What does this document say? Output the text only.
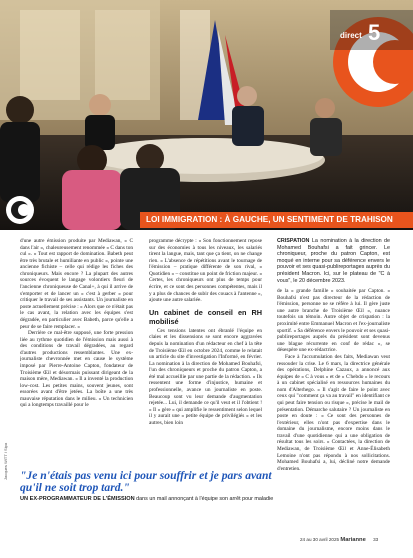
direct 5
LOI IMMIGRATION : À GAUCHE, UN SENTIMENT DE TRAHISON

d'une autre émission produite par Mediawan, « C dans l'air », chaleureusement renommée « C dans ton cul ». « Tout est rapport de domination. Babeth peut être très brutale et humiliante en public », pointe une ancienne fichiste – celle qui rédige les fiches des chroniqueurs. Mais encore ? La plupart des autres sources évoquent le langage volontiers fleuri de l'ancienne chroniqueuse de Canal+, à qui il arrive de s'emporter et de lancer un « c'est à gerber » pour critiquer le travail de ses assistants. Un journaliste en poste actuellement précise : « Alors que ce n'était pas le cas avant, la relation avec les équipes s'est dégradée, en particulier avec Babeth, parce qu'elle a peur de se faire remplacer. »

Derrière ce mal-être supposé, une forte pression liée au rythme quotidien de l'émission mais aussi à des conditions de travail dégradées, au regard d'autres productions ressemblantes. Une ex-journaliste chevronnée met en cause le système imposé par Pierre-Antoine Capton, fondateur de Troisième Œil et désormais puissant dirigeant de la maison mère, Mediawan. « Il a inventé la production low-cost. Les petites mains, souvent jeunes, sont essorées avant d'être jetées. La boîte a une très mauvaise réputation dans le milieu. » Un technicien qui a longtemps travaillé pour le

programme décrypte : « Son fonctionnement repose sur des économies à tous les niveaux, les salariés tirent la langue, mais, tant que ça tient, on ne change rien. » L'absence de répétitions avant le tournage de l'émission – pratique différente de son rival, « Quotidien » – constitue un point de friction majeur. « Certes, les chroniqueurs ont plus de temps pour écrire, et ce sont des personnes compétentes, mais il y a plus de chances de subir des couacs à l'antenne », ajoute une autre salariée.

Un cabinet de conseil en RH mobilisé

Ces tensions latentes ont ébranlé l'équipe en claies et les dissensions se sont encore aggravées depuis la nomination d'un rédacteur en chef à la tête de Troisième Œil en octobre 2024, comme le relatait un article du site d'investigation l'Informé, en février. La nomination à la direction de Mohamed Bouhafsi, l'un des chroniqueurs et proche du patron Capton, a été mal accueillie par une partie de la rédaction. « Ils ressentent une forme d'injustice, humaine et professionnelle, avance un journaliste en poste. Beaucoup sont vu leur demande d'augmentation rejetée... Lui, il demande ce qu'il veut et il l'obtient ! » Il « gère » qui amplifie le ressentiment selon lequel il y aurait une « petite équipe de privilégiés » et les autres, bien loin

CRISPATION La nomination à la direction de Mohamed Bouhafsi a fait grincer. Le chroniqueur, proche du patron Capton, est moqué en interne pour sa déférence envers le pouvoir et ses quasi-publireportages auprès du président Macron. Ici, sur le plateau de "C à vous", le 20 décembre 2023.

de la « grande famille » souhaitée par Capton. « Bouhafsi n'est pas directeur de la rédaction de l'émission, personne ne se réfère à lui. Il gère juste une autre branche de Troisième Œil », nuance toutefois un témoin. Autre objet de crispation : la proximité entre Emmanuel Macron et l'ex-journaliste sportif. « Sa déférence envers le pouvoir et ses quasi-publireportages auprès du président sont devenus une blague récurrente en conf de rédac », se désespère une ex-rédactrice.

Face à l'accumulation des faits, Mediawan veut ressouder la crise. Le 6 mars, la directrice générale des opérations, Delphine Cazaux, a annoncé aux équipes de « C à vous » et de « C'hebdo » le recours à un cabinet spécialisé en ressources humaines du nom d'Alterhego. « Il s'agit de faire le point avec ceux qui "comment ça va au travail" en identifiant ce qui peut faire tension ou risque », précise le mail de présentation. Démarche salutaire ? Un journaliste en poste en doute : « Ce sont des personnes de l'extérieur, elles n'ont pas d'expertise dans le domaine du journalisme, encore moins dans le travail d'une quotidienne qui a une obligation de résultat tous les soirs. » Contactées, la direction de Mediawan, de Troisième Œil et Anne-Élisabeth Lemoine n'ont pas répondu à nos sollicitations. Mohamed Bouhafsi a, lui, décliné notre demande d'entretien.

"Je n'étais pas venu ici pour souffrir et je pars avant qu'il ne soit trop tard."
UN EX-PROGRAMMATEUR DE L'ÉMISSION dans un mail annonçant à l'équipe son arrêt pour maladie
Jacques WITT / Sipa
24 au 30 avril 2025 Marianne 33
